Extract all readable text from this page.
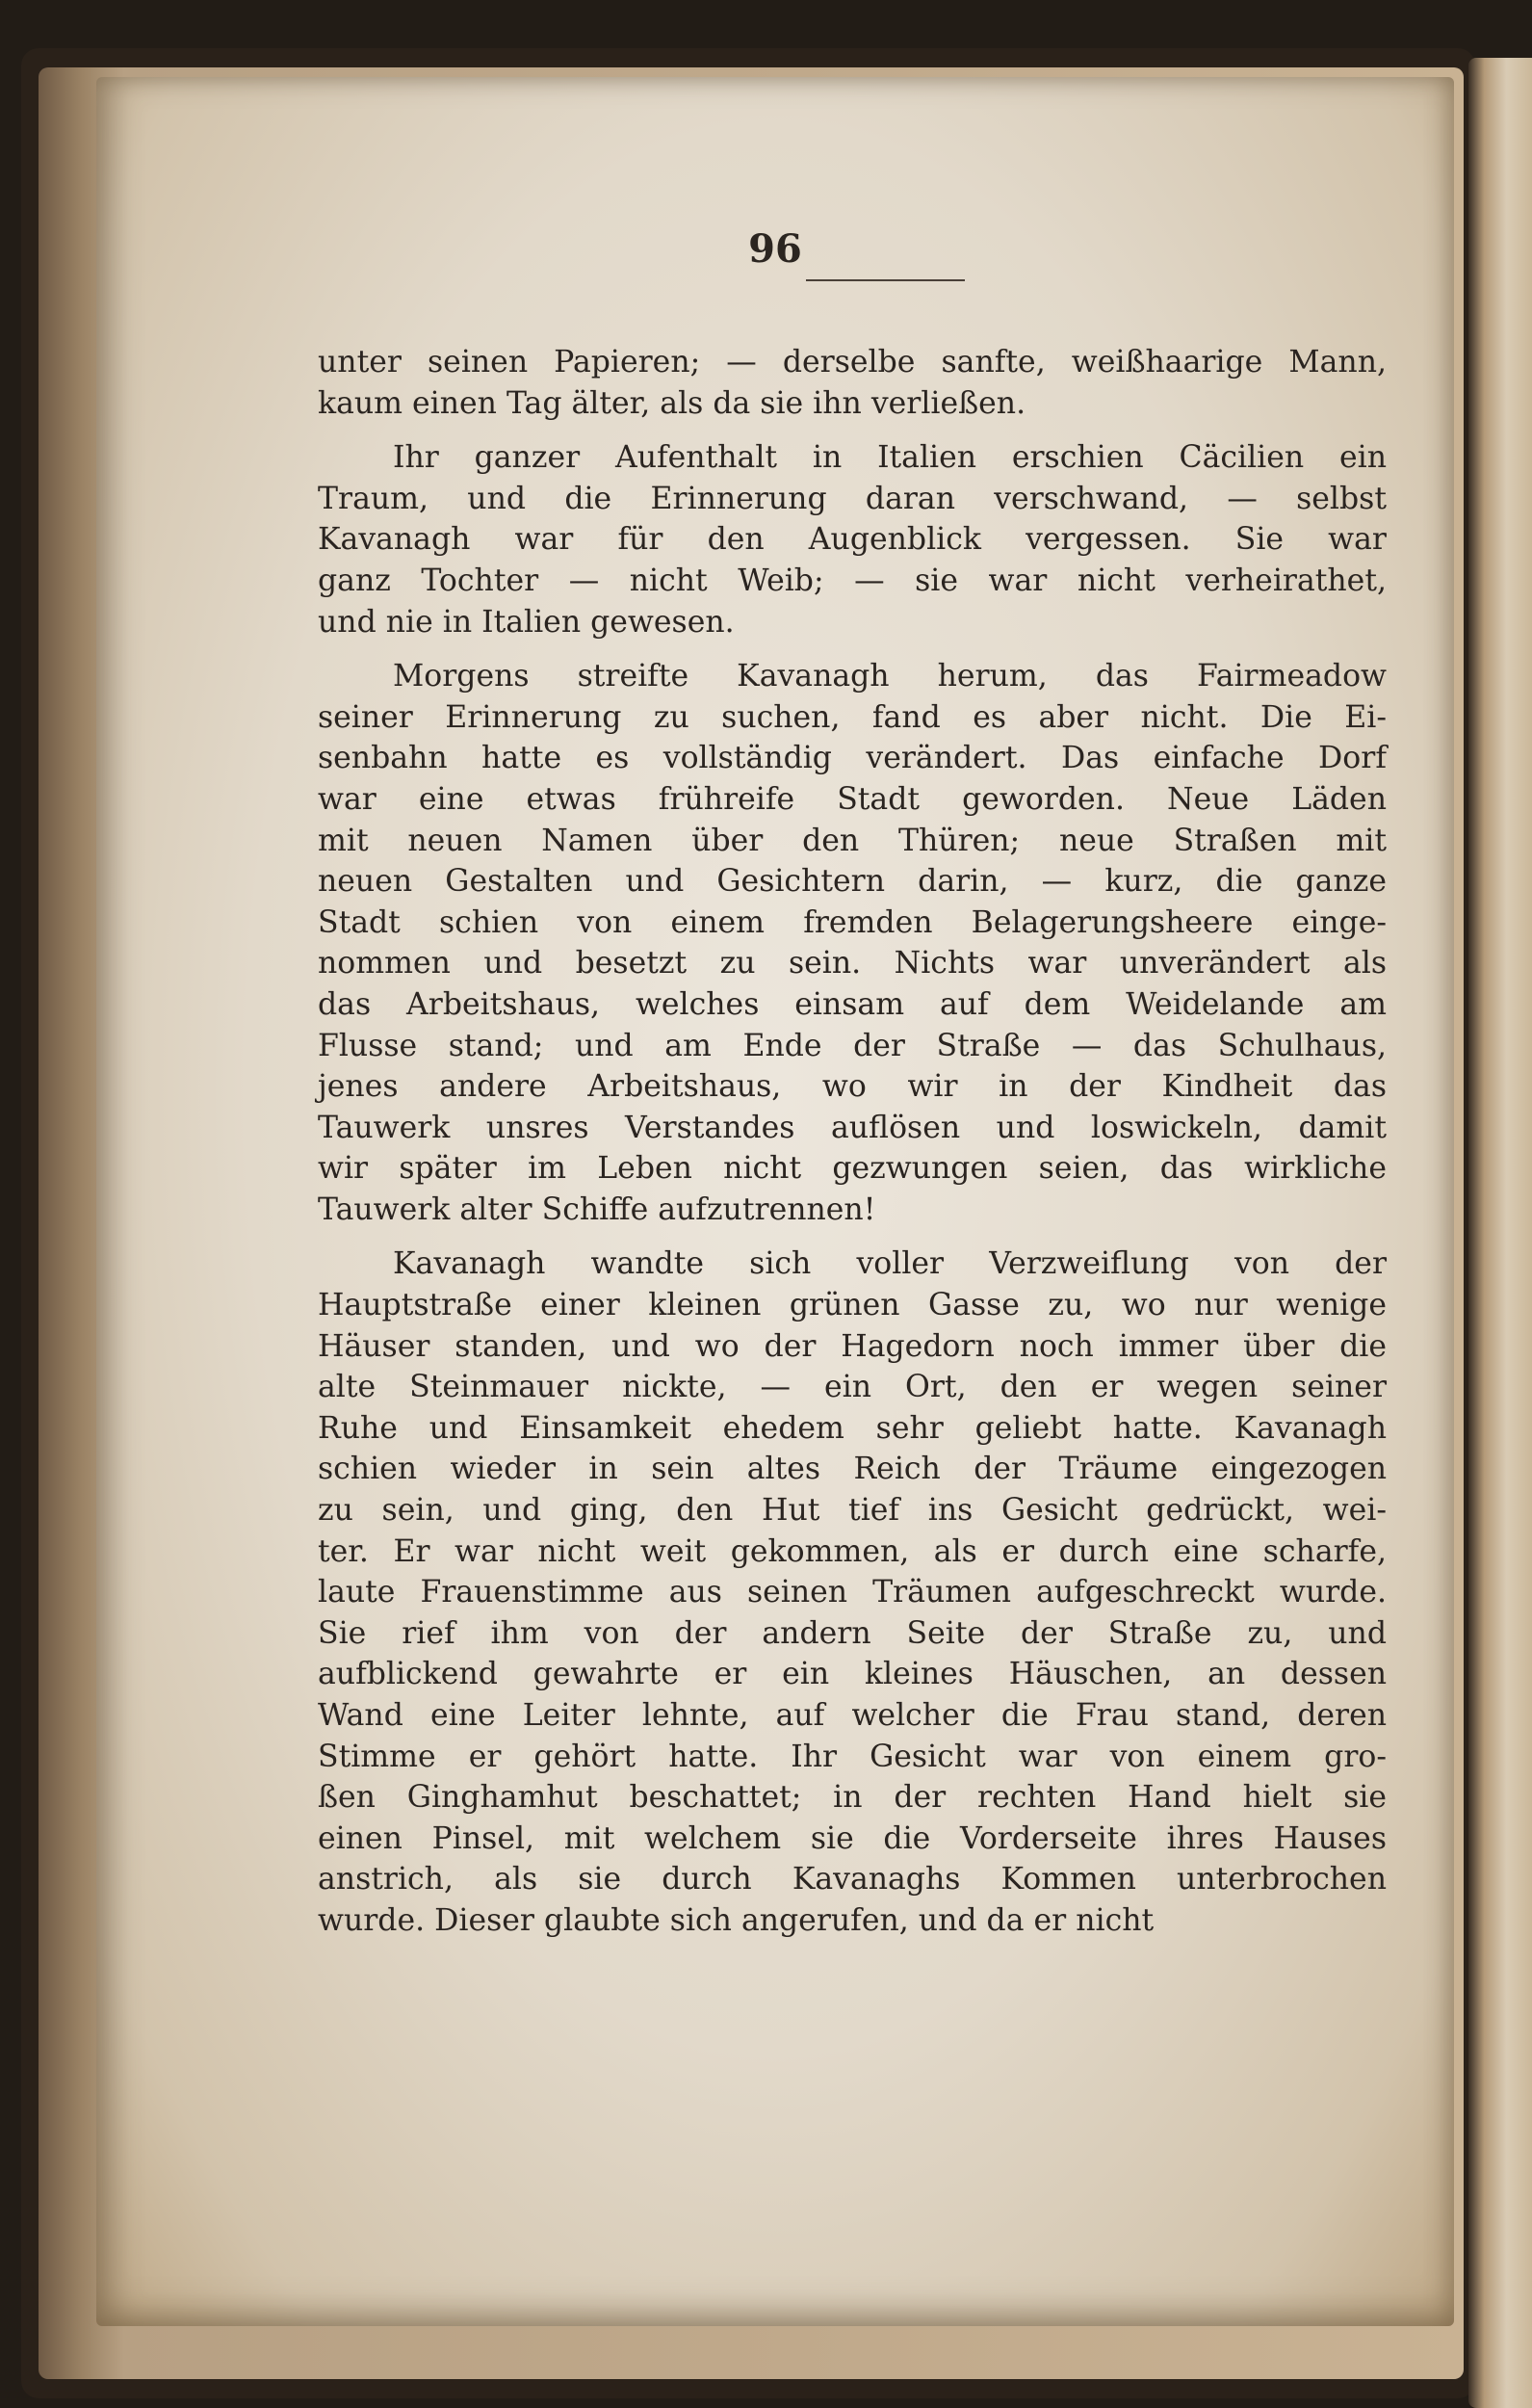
96
unter seinen Papieren; — derselbe sanfte, weißhaarige Mann,
kaum einen Tag älter, als da sie ihn verließen.
Ihr ganzer Aufenthalt in Italien erschien Cäcilien ein
Traum, und die Erinnerung daran verschwand, — selbst
Kavanagh war für den Augenblick vergessen. Sie war
ganz Tochter — nicht Weib; — sie war nicht verheirathet,
und nie in Italien gewesen.
Morgens streifte Kavanagh herum, das Fairmeadow
seiner Erinnerung zu suchen, fand es aber nicht. Die Ei-
senbahn hatte es vollständig verändert. Das einfache Dorf
war eine etwas frühreife Stadt geworden. Neue Läden
mit neuen Namen über den Thüren; neue Straßen mit
neuen Gestalten und Gesichtern darin, — kurz, die ganze
Stadt schien von einem fremden Belagerungsheere einge-
nommen und besetzt zu sein. Nichts war unverändert als
das Arbeitshaus, welches einsam auf dem Weidelande am
Flusse stand; und am Ende der Straße — das Schulhaus,
jenes andere Arbeitshaus, wo wir in der Kindheit das
Tauwerk unsres Verstandes auflösen und loswickeln, damit
wir später im Leben nicht gezwungen seien, das wirkliche
Tauwerk alter Schiffe aufzutrennen!
Kavanagh wandte sich voller Verzweiflung von der
Hauptstraße einer kleinen grünen Gasse zu, wo nur wenige
Häuser standen, und wo der Hagedorn noch immer über die
alte Steinmauer nickte, — ein Ort, den er wegen seiner
Ruhe und Einsamkeit ehedem sehr geliebt hatte. Kavanagh
schien wieder in sein altes Reich der Träume eingezogen
zu sein, und ging, den Hut tief ins Gesicht gedrückt, wei-
ter. Er war nicht weit gekommen, als er durch eine scharfe,
laute Frauenstimme aus seinen Träumen aufgeschreckt wurde.
Sie rief ihm von der andern Seite der Straße zu, und
aufblickend gewahrte er ein kleines Häuschen, an dessen
Wand eine Leiter lehnte, auf welcher die Frau stand, deren
Stimme er gehört hatte. Ihr Gesicht war von einem gro-
ßen Ginghamhut beschattet; in der rechten Hand hielt sie
einen Pinsel, mit welchem sie die Vorderseite ihres Hauses
anstrich, als sie durch Kavanaghs Kommen unterbrochen
wurde. Dieser glaubte sich angerufen, und da er nicht
